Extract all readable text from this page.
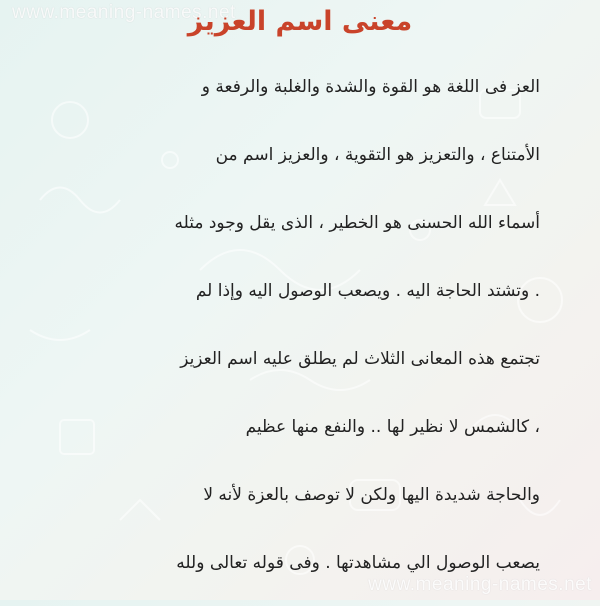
www.meaning-names.net
معنى اسم العزيز
العز فى اللغة هو القوة والشدة والغلبة والرفعة و
الأمتناع ، والتعزيز هو التقوية ، والعزيز اسم من
أسماء الله الحسنى هو الخطير ، الذى يقل وجود مثله
. وتشتد الحاجة اليه . ويصعب الوصول اليه وإذا لم
تجتمع هذه المعانى الثلاث لم يطلق عليه اسم العزيز
، كالشمس لا نظير لها .. والنفع منها عظيم
والحاجة شديدة اليها ولكن لا توصف بالعزة لأنه لا
يصعب الوصول الي مشاهدتها . وفى قوله تعالى ولله
www.meaning-names.net
